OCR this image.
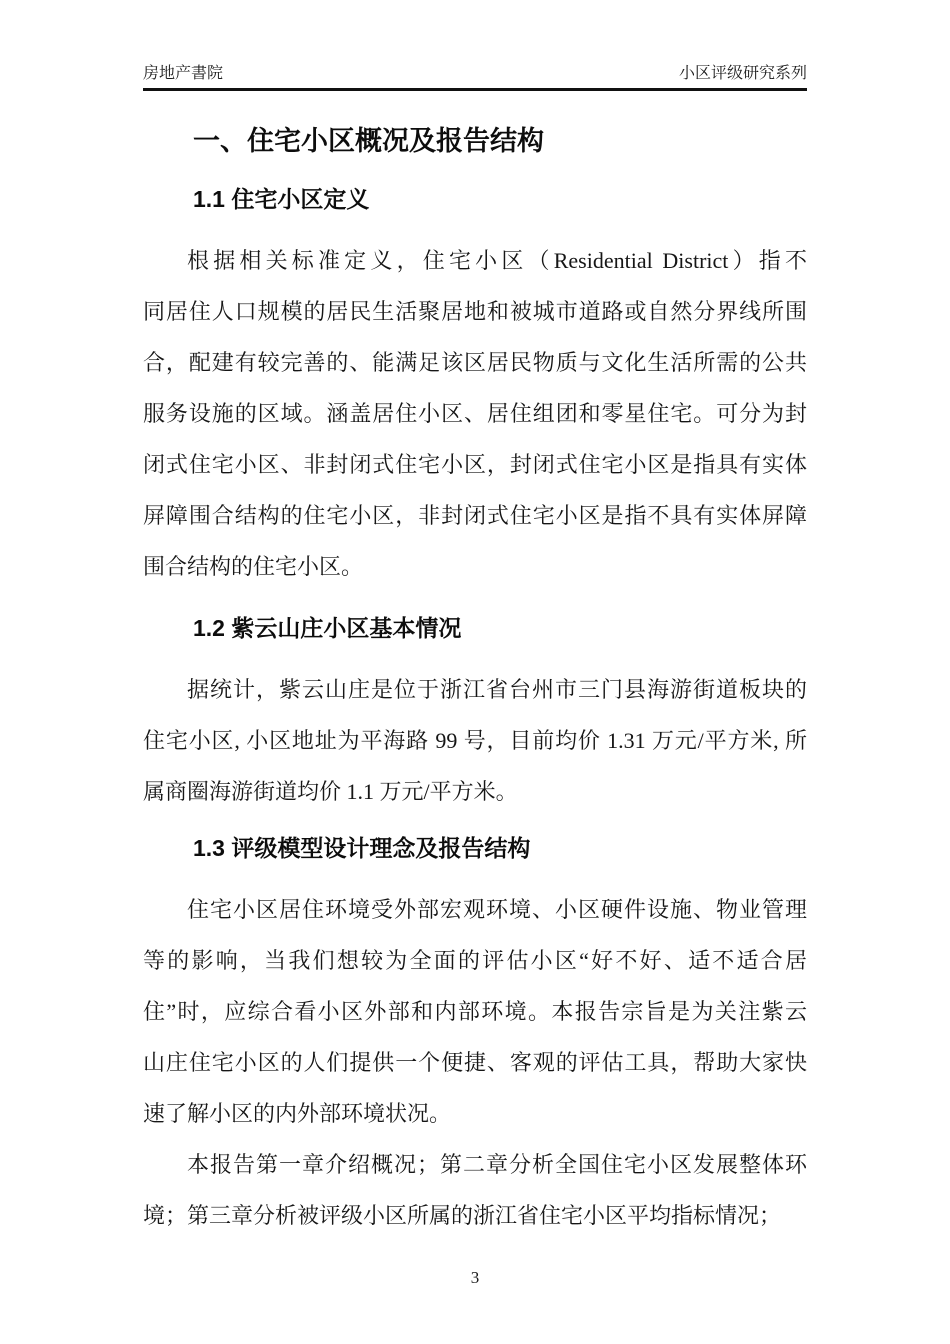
房地产書院	小区评级研究系列
一、住宅小区概况及报告结构
1.1 住宅小区定义
根据相关标准定义，住宅小区（Residential District）指不
同居住人口规模的居民生活聚居地和被城市道路或自然分界线所围
合，配建有较完善的、能满足该区居民物质与文化生活所需的公共
服务设施的区域。涵盖居住小区、居住组团和零星住宅。可分为封
闭式住宅小区、非封闭式住宅小区，封闭式住宅小区是指具有实体
屏障围合结构的住宅小区，非封闭式住宅小区是指不具有实体屏障
围合结构的住宅小区。
1.2 紫云山庄小区基本情况
据统计，紫云山庄是位于浙江省台州市三门县海游街道板块的
住宅小区, 小区地址为平海路 99 号，目前均价 1.31 万元/平方米, 所
属商圈海游街道均价 1.1 万元/平方米。
1.3 评级模型设计理念及报告结构
住宅小区居住环境受外部宏观环境、小区硬件设施、物业管理
等的影响，当我们想较为全面的评估小区“好不好、适不适合居
住”时，应综合看小区外部和内部环境。本报告宗旨是为关注紫云
山庄住宅小区的人们提供一个便捷、客观的评估工具，帮助大家快
速了解小区的内外部环境状况。
本报告第一章介绍概况；第二章分析全国住宅小区发展整体环
境；第三章分析被评级小区所属的浙江省住宅小区平均指标情况；
3
